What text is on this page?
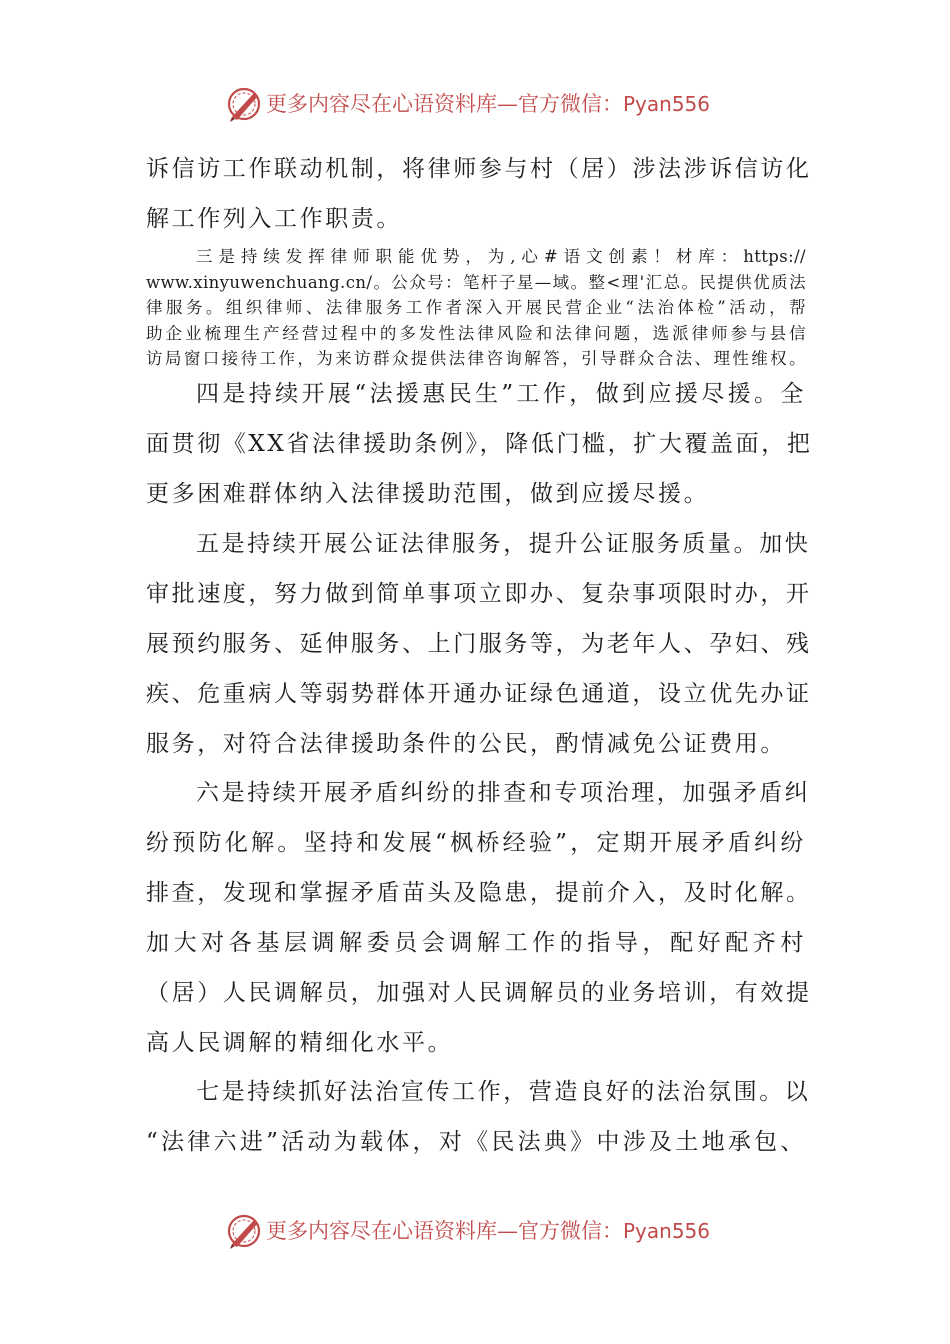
更多内容尽在心语资料库—官方微信：Pyan556
诉信访工作联动机制，将律师参与村（居）涉法涉诉信访化
解工作列入工作职责。
三是持续发挥律师职能优势，为,心#语文创素！材库：https://
www.xinyuwenchuang.cn/。公众号：笔杆子星—域。整<理'汇总。民提供优质法
律服务。组织律师、法律服务工作者深入开展民营企业“法治体检”活动，帮
助企业梳理生产经营过程中的多发性法律风险和法律问题，选派律师参与县信
访局窗口接待工作，为来访群众提供法律咨询解答，引导群众合法、理性维权。
四是持续开展“法援惠民生”工作，做到应援尽援。全
面贯彻《XX省法律援助条例》，降低门槛，扩大覆盖面，把
更多困难群体纳入法律援助范围，做到应援尽援。
五是持续开展公证法律服务，提升公证服务质量。加快
审批速度，努力做到简单事项立即办、复杂事项限时办，开
展预约服务、延伸服务、上门服务等，为老年人、孕妇、残
疾、危重病人等弱势群体开通办证绿色通道，设立优先办证
服务，对符合法律援助条件的公民，酌情减免公证费用。
六是持续开展矛盾纠纷的排查和专项治理，加强矛盾纠
纷预防化解。坚持和发展“枫桥经验”，定期开展矛盾纠纷
排查，发现和掌握矛盾苗头及隐患，提前介入，及时化解。
加大对各基层调解委员会调解工作的指导，配好配齐村
（居）人民调解员，加强对人民调解员的业务培训，有效提
高人民调解的精细化水平。
七是持续抓好法治宣传工作，营造良好的法治氛围。以
“法律六进”活动为载体，对《民法典》中涉及土地承包、
更多内容尽在心语资料库—官方微信：Pyan556
